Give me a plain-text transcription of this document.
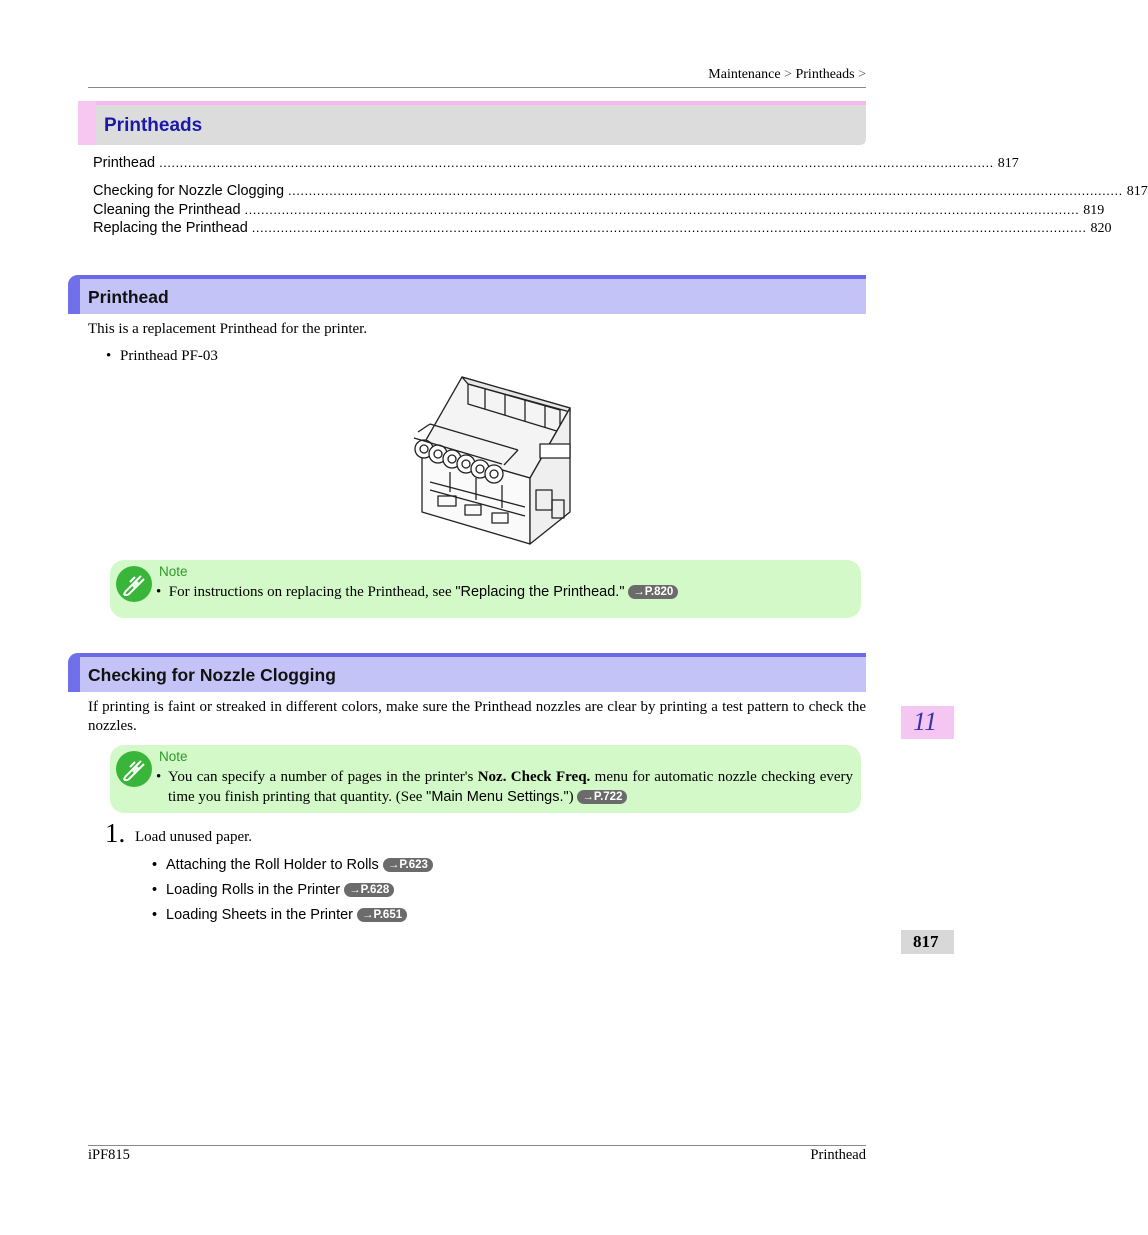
Maintenance > Printheads >
Printheads
Printhead ........................................................................................................................................................................................................... 817
Checking for Nozzle Clogging ........................................................................................................................................................................................................... 817
Cleaning the Printhead ........................................................................................................................................................................................................... 819
Replacing the Printhead ........................................................................................................................................................................................................... 820
Printhead
This is a replacement Printhead for the printer.
• Printhead PF-03
Note
•  For instructions on replacing the Printhead, see "Replacing the Printhead." →P.820
Checking for Nozzle Clogging
If printing is faint or streaked in different colors, make sure the Printhead nozzles are clear by printing a test pattern to check the nozzles.
Note
• You can specify a number of pages in the printer's Noz. Check Freq. menu for automatic nozzle checking every time you finish printing that quantity. (See "Main Menu Settings.") →P.722
1. Load unused paper.
• Attaching the Roll Holder to Rolls →P.623
• Loading Rolls in the Printer →P.628
• Loading Sheets in the Printer →P.651
11
817
iPF815	Printhead
